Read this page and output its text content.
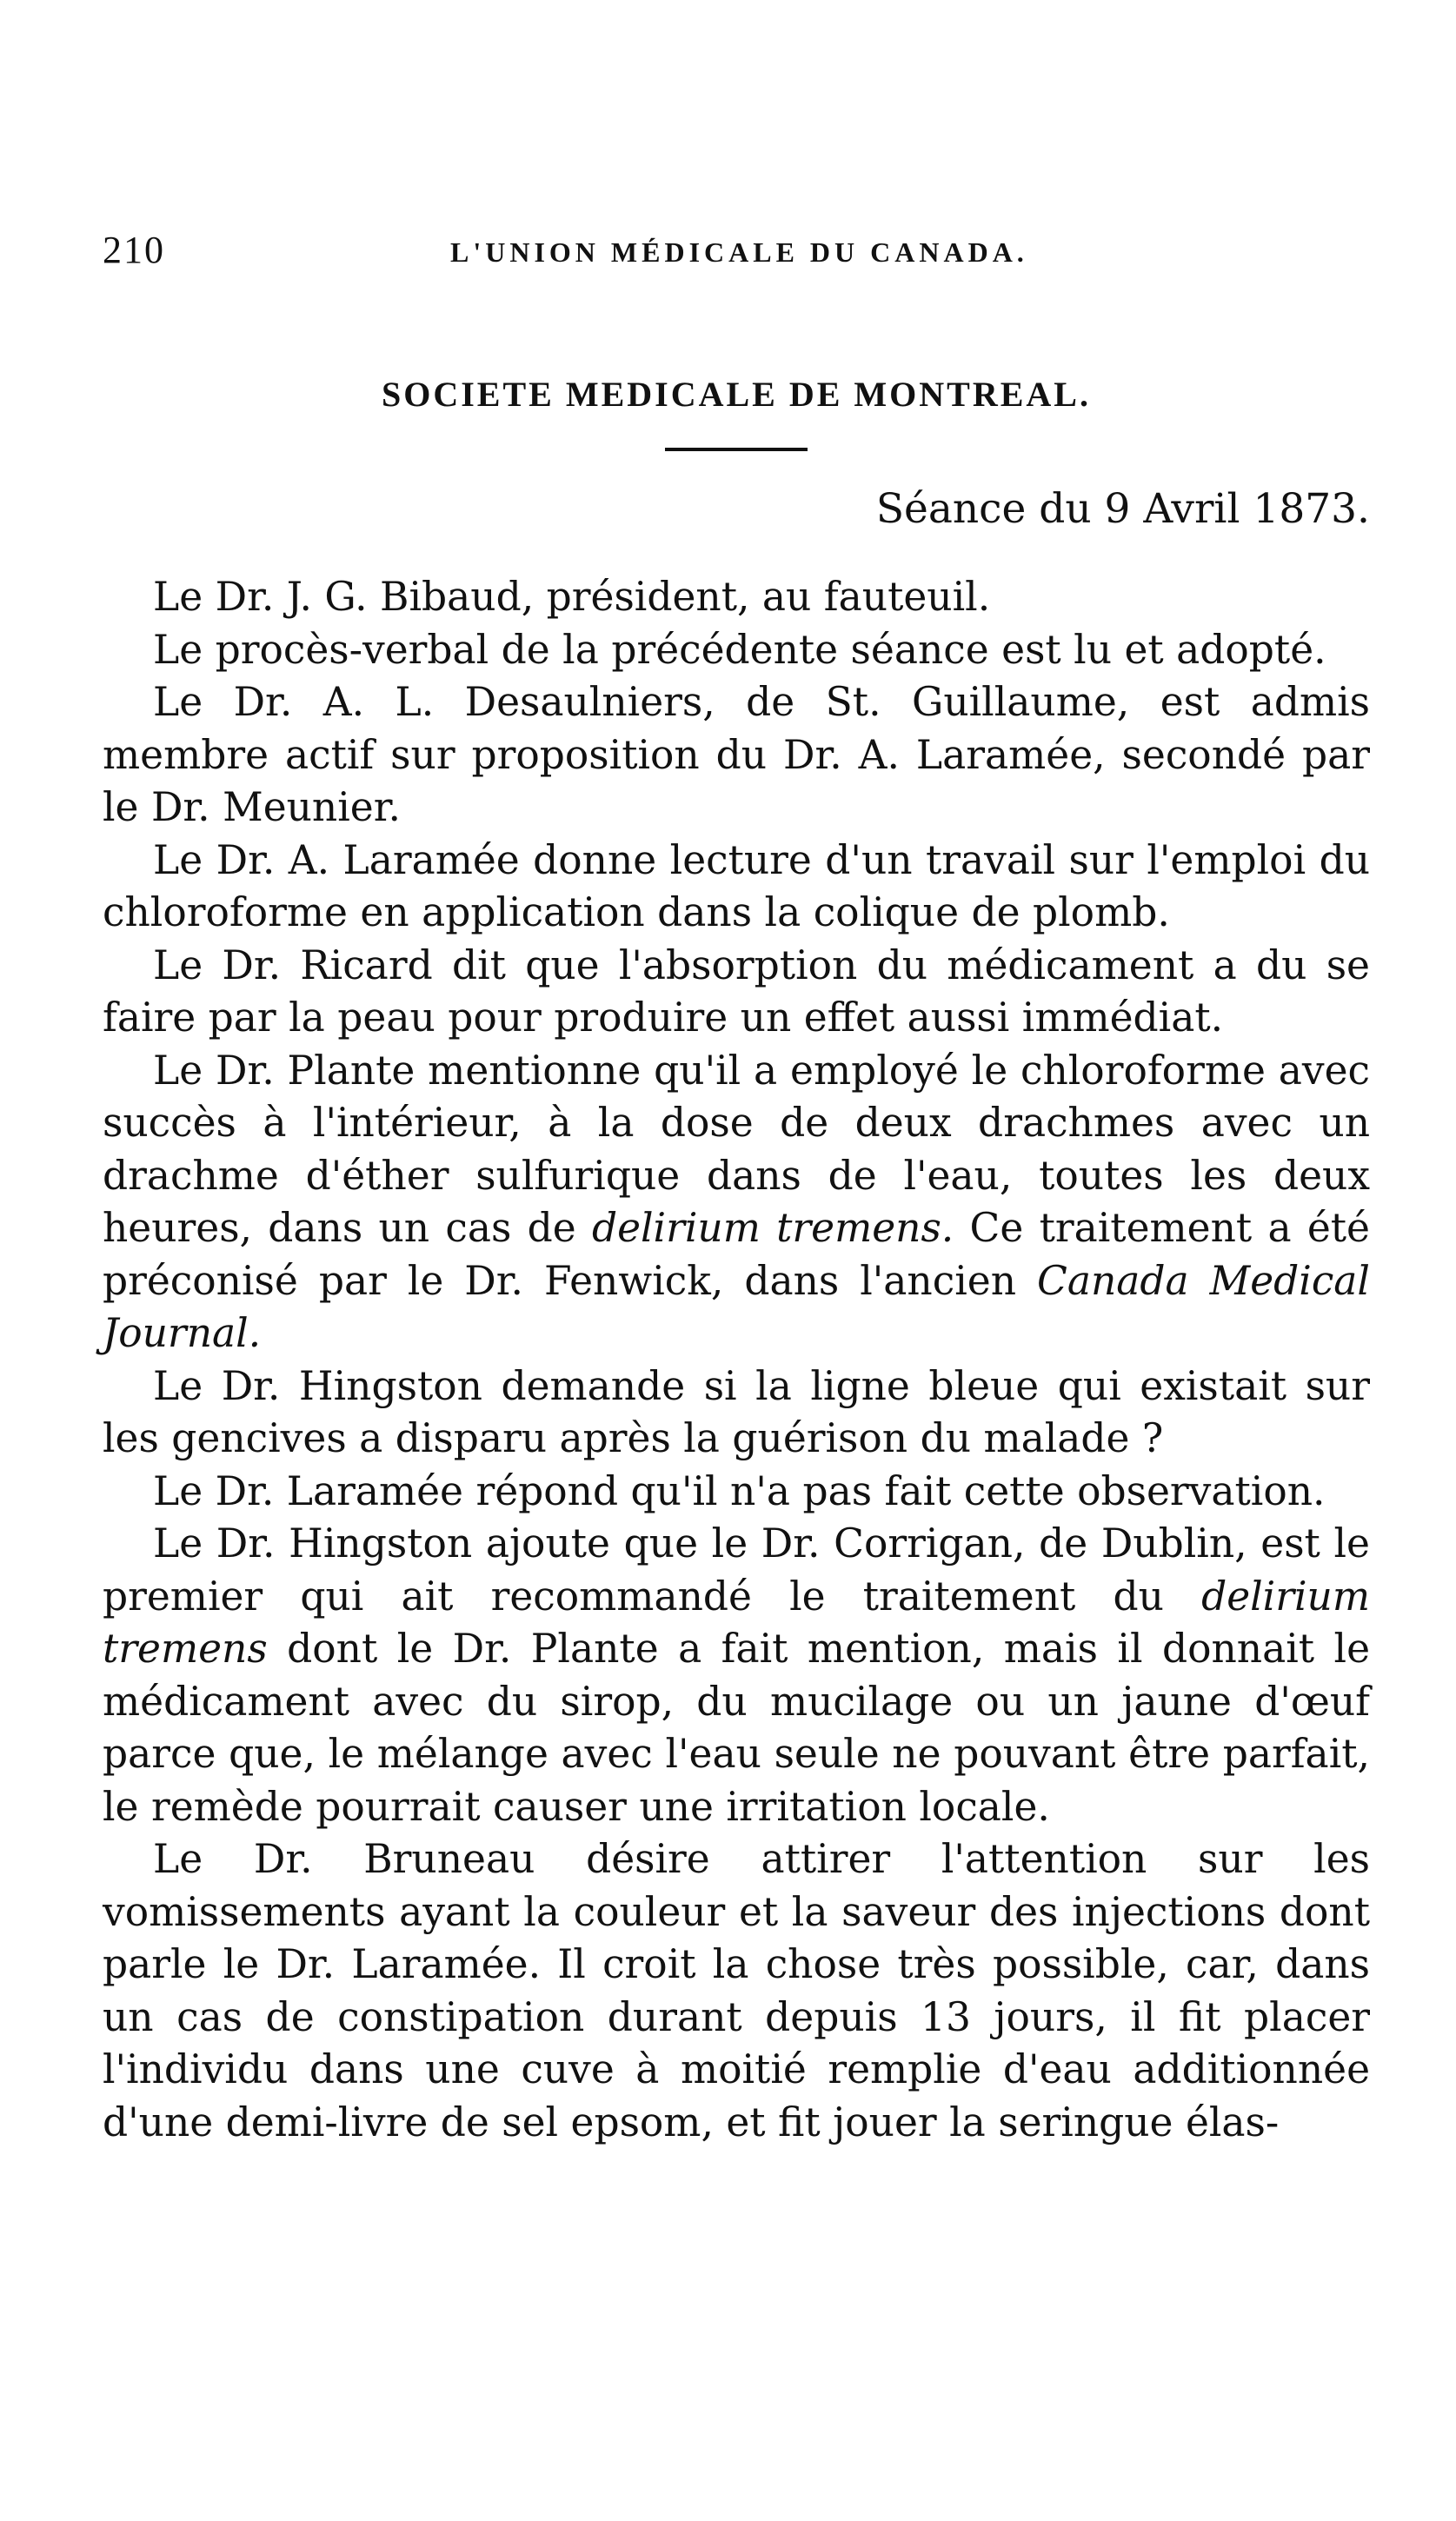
210	L'UNION MÉDICALE DU CANADA.
SOCIETE MEDICALE DE MONTREAL.
Séance du 9 Avril 1873.

Le Dr. J. G. Bibaud, président, au fauteuil.

Le procès-verbal de la précédente séance est lu et adopté.

Le Dr. A. L. Desaulniers, de St. Guillaume, est admis membre actif sur proposition du Dr. A. Laramée, secondé par le Dr. Meunier.

Le Dr. A. Laramée donne lecture d'un travail sur l'emploi du chloroforme en application dans la colique de plomb.

Le Dr. Ricard dit que l'absorption du médicament a du se faire par la peau pour produire un effet aussi immédiat.

Le Dr. Plante mentionne qu'il a employé le chloroforme avec succès à l'intérieur, à la dose de deux drachmes avec un drachme d'éther sulfurique dans de l'eau, toutes les deux heures, dans un cas de delirium tremens. Ce traitement a été préconisé par le Dr. Fenwick, dans l'ancien Canada Medical Journal.

Le Dr. Hingston demande si la ligne bleue qui existait sur les gencives a disparu après la guérison du malade ?

Le Dr. Laramée répond qu'il n'a pas fait cette observation.

Le Dr. Hingston ajoute que le Dr. Corrigan, de Dublin, est le premier qui ait recommandé le traitement du delirium tremens dont le Dr. Plante a fait mention, mais il donnait le médicament avec du sirop, du mucilage ou un jaune d'œuf parce que, le mélange avec l'eau seule ne pouvant être parfait, le remède pourrait causer une irritation locale.

Le Dr. Bruneau désire attirer l'attention sur les vomissements ayant la couleur et la saveur des injections dont parle le Dr. Laramée. Il croit la chose très possible, car, dans un cas de constipation durant depuis 13 jours, il fit placer l'individu dans une cuve à moitié remplie d'eau additionnée d'une demi-livre de sel epsom, et fit jouer la seringue élas-
